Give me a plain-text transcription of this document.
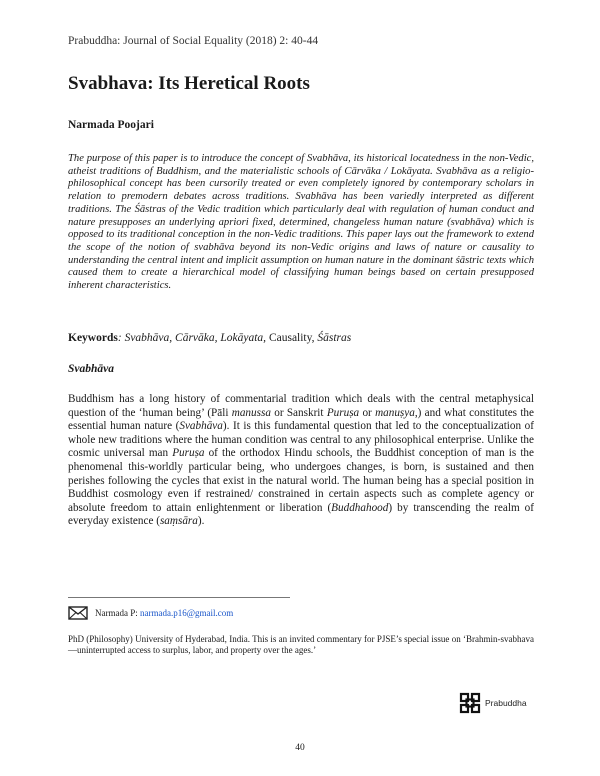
Prabuddha: Journal of Social Equality (2018) 2: 40-44
Svabhava: Its Heretical Roots
Narmada Poojari

The purpose of this paper is to introduce the concept of Svabhāva, its historical locatedness in the non-Vedic, atheist traditions of Buddhism, and the materialistic schools of Cārvāka / Lokāyata. Svabhāva as a religio-philosophical concept has been cursorily treated or even completely ignored by contemporary scholars in relation to premodern debates across traditions. Svabhāva has been variedly interpreted as different traditions. The Śāstras of the Vedic tradition which particularly deal with regulation of human conduct and nature presupposes an underlying apriori fixed, determined, changeless human nature (svabhāva) which is opposed to its traditional conception in the non-Vedic traditions. This paper lays out the framework to extend the scope of the notion of svabhāva beyond its non-Vedic origins and laws of nature or causality to understanding the central intent and implicit assumption on human nature in the dominant śāstric texts which caused them to create a hierarchical model of classifying human beings based on certain presupposed inherent characteristics.

Keywords: Svabhāva, Cārvāka, Lokāyata, Causality, Śāstras
Svabhāva

Buddhism has a long history of commentarial tradition which deals with the central metaphysical question of the ‘human being’ (Pāli manussa or Sanskrit Puruṣa or manuṣya,) and what constitutes the essential human nature (Svabhāva). It is this fundamental question that led to the conceptualization of whole new traditions where the human condition was central to any philosophical enterprise. Unlike the cosmic universal man Puruṣa of the orthodox Hindu schools, the Buddhist conception of man is the phenomenal this-worldly particular being, who undergoes changes, is born, is sustained and then perishes following the cycles that exist in the natural world. The human being has a special position in Buddhist cosmology even if restrained/ constrained in certain aspects such as complete agency or absolute freedom to attain enlightenment or liberation (Buddhahood) by transcending the realm of everyday existence (saṃsāra).

Narmada P:
narmada.p16@gmail.com

PhD (Philosophy) University of Hyderabad, India. This is an invited commentary for PJSE’s special issue on ‘Brahmin-svabhava—uninterrupted access to surplus, labor, and property over the ages.’

Prabuddha
40
